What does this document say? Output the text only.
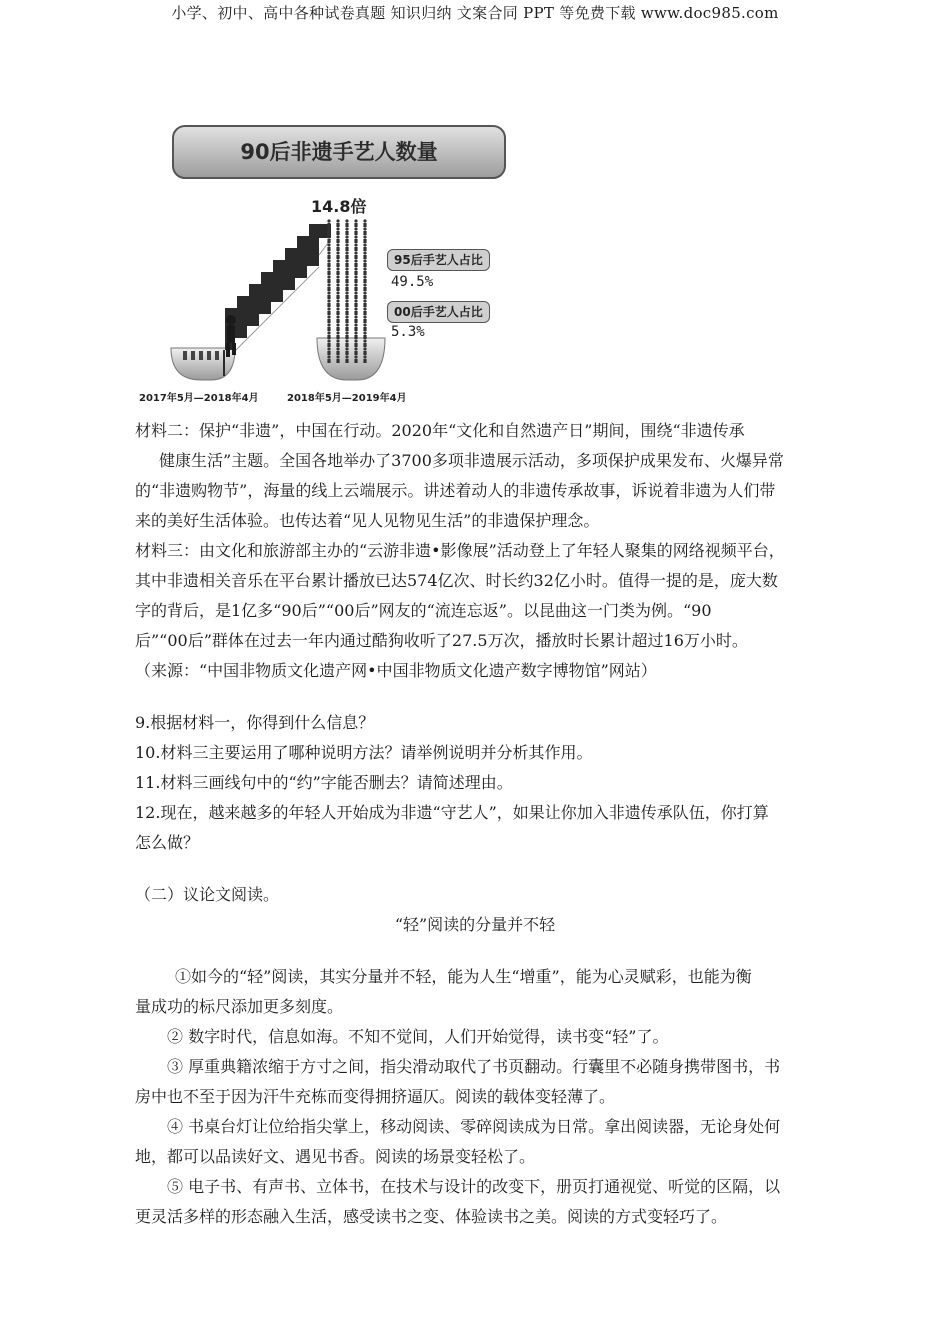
小学、初中、高中各种试卷真题 知识归纳 文案合同 PPT 等免费下载 www.doc985.com
90后非遗手艺人数量
14.8倍
95后手艺人占比
49.5%
00后手艺人占比
5.3%
2017年5月—2018年4月	2018年5月—2019年4月
材料二：保护“非遗”，中国在行动。2020年“文化和自然遗产日”期间，围绕“非遗传承
健康生活”主题。全国各地举办了3700多项非遗展示活动，多项保护成果发布、火爆异常
的“非遗购物节”，海量的线上云端展示。讲述着动人的非遗传承故事，诉说着非遗为人们带
来的美好生活体验。也传达着“见人见物见生活”的非遗保护理念。
材料三：由文化和旅游部主办的“云游非遗•影像展”活动登上了年轻人聚集的网络视频平台，
其中非遗相关音乐在平台累计播放已达574亿次、时长约32亿小时。值得一提的是，庞大数
字的背后，是1亿多“90后”“00后”网友的“流连忘返”。以昆曲这一门类为例。“90
后”“00后”群体在过去一年内通过酷狗收听了27.5万次，播放时长累计超过16万小时。
（来源：“中国非物质文化遗产网•中国非物质文化遗产数字博物馆”网站）
9.根据材料一，你得到什么信息？
10.材料三主要运用了哪种说明方法？请举例说明并分析其作用。
11.材料三画线句中的“约”字能否删去？请简述理由。
12.现在，越来越多的年轻人开始成为非遗“守艺人”，如果让你加入非遗传承队伍，你打算
怎么做？
（二）议论文阅读。
“轻”阅读的分量并不轻
①如今的“轻”阅读，其实分量并不轻，能为人生“增重”，能为心灵赋彩，也能为衡
量成功的标尺添加更多刻度。
② 数字时代，信息如海。不知不觉间，人们开始觉得，读书变“轻”了。
③ 厚重典籍浓缩于方寸之间，指尖滑动取代了书页翻动。行囊里不必随身携带图书，书
房中也不至于因为汗牛充栋而变得拥挤逼仄。阅读的载体变轻薄了。
④ 书桌台灯让位给指尖掌上，移动阅读、零碎阅读成为日常。拿出阅读器，无论身处何
地，都可以品读好文、遇见书香。阅读的场景变轻松了。
⑤ 电子书、有声书、立体书，在技术与设计的改变下，册页打通视觉、听觉的区隔，以
更灵活多样的形态融入生活，感受读书之变、体验读书之美。阅读的方式变轻巧了。
